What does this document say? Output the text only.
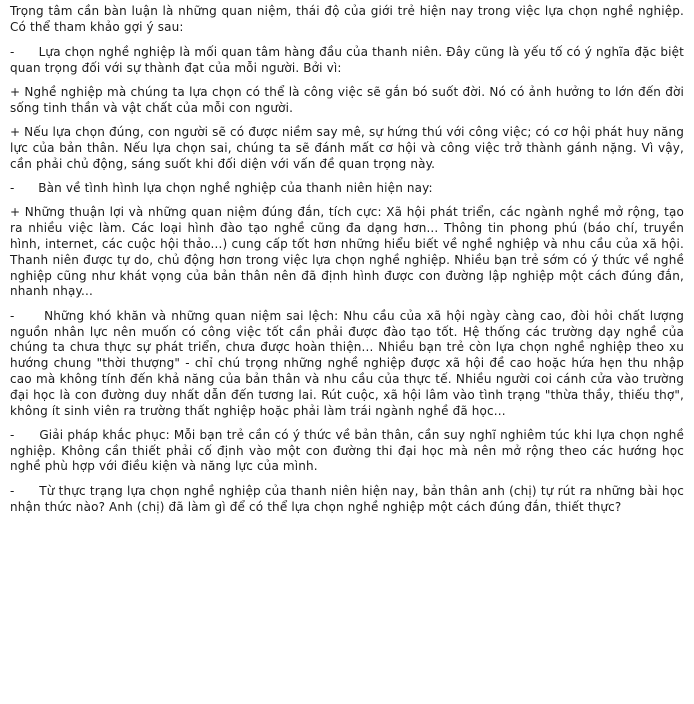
Trọng tâm cần bàn luận là những quan niệm, thái độ của giới trẻ hiện nay trong việc lựa chọn nghề nghiệp. Có thể tham khảo gợi ý sau:

-      Lựa chọn nghề nghiệp là mối quan tâm hàng đầu của thanh niên. Đây cũng là yếu tố có ý nghĩa đặc biệt quan trọng đối với sự thành đạt của mỗi người. Bởi vì:

+ Nghề nghiệp mà chúng ta lựa chọn có thể là công việc sẽ gắn bó suốt đời. Nó có ảnh hưởng to lớn đến đời sống tinh thần và vật chất của mỗi con người.

+ Nếu lựa chọn đúng, con người sẽ có được niềm say mê, sự hứng thú với công việc; có cơ hội phát huy năng lực của bản thân. Nếu lựa chọn sai, chúng ta sẽ đánh mất cơ hội và công việc trở thành gánh nặng. Vì vậy, cần phải chủ động, sáng suốt khi đối diện với vấn đề quan trọng này.

-      Bàn về tình hình lựa chọn nghề nghiệp của thanh niên hiện nay:

+ Những thuận lợi và những quan niệm đúng đắn, tích cực: Xã hội phát triển, các ngành nghề mở rộng, tạo ra nhiều việc làm. Các loại hình đào tạo nghề cũng đa dạng hơn... Thông tin phong phú (báo chí, truyền hình, internet, các cuộc hội thảo...) cung cấp tốt hơn những hiểu biết về nghề nghiệp và nhu cầu của xã hội. Thanh niên được tự do, chủ động hơn trong việc lựa chọn nghề nghiệp. Nhiều bạn trẻ sớm có ý thức về nghề nghiệp cũng như khát vọng của bản thân nên đã định hình được con đường lập nghiệp một cách đúng đắn, nhanh nhạy...

-      Những khó khăn và những quan niệm sai lệch: Nhu cầu của xã hội ngày càng cao, đòi hỏi chất lượng nguồn nhân lực nên muốn có công việc tốt cần phải được đào tạo tốt. Hệ thống các trường dạy nghề của chúng ta chưa thực sự phát triển, chưa được hoàn thiện... Nhiều bạn trẻ còn lựa chọn nghề nghiệp theo xu hướng chung "thời thượng" - chỉ chú trọng những nghề nghiệp được xã hội đề cao hoặc hứa hẹn thu nhập cao mà không tính đến khả năng của bản thân và nhu cầu của thực tế. Nhiều người coi cánh cửa vào trường đại học là con đường duy nhất dẫn đến tương lai. Rút cuộc, xã hội lâm vào tình trạng "thừa thầy, thiếu thợ", không ít sinh viên ra trường thất nghiệp hoặc phải làm trái ngành nghề đã học...

-      Giải pháp khắc phục: Mỗi bạn trẻ cần có ý thức về bản thân, cần suy nghĩ nghiêm túc khi lựa chọn nghề nghiệp. Không cần thiết phải cố định vào một con đường thi đại học mà nên mở rộng theo các hướng học nghề phù hợp với điều kiện và năng lực của mình.

-      Từ thực trạng lựa chọn nghề nghiệp của thanh niên hiện nay, bản thân anh (chị) tự rút ra những bài học nhận thức nào? Anh (chị) đã làm gì để có thể lựa chọn nghề nghiệp một cách đúng đắn, thiết thực?
